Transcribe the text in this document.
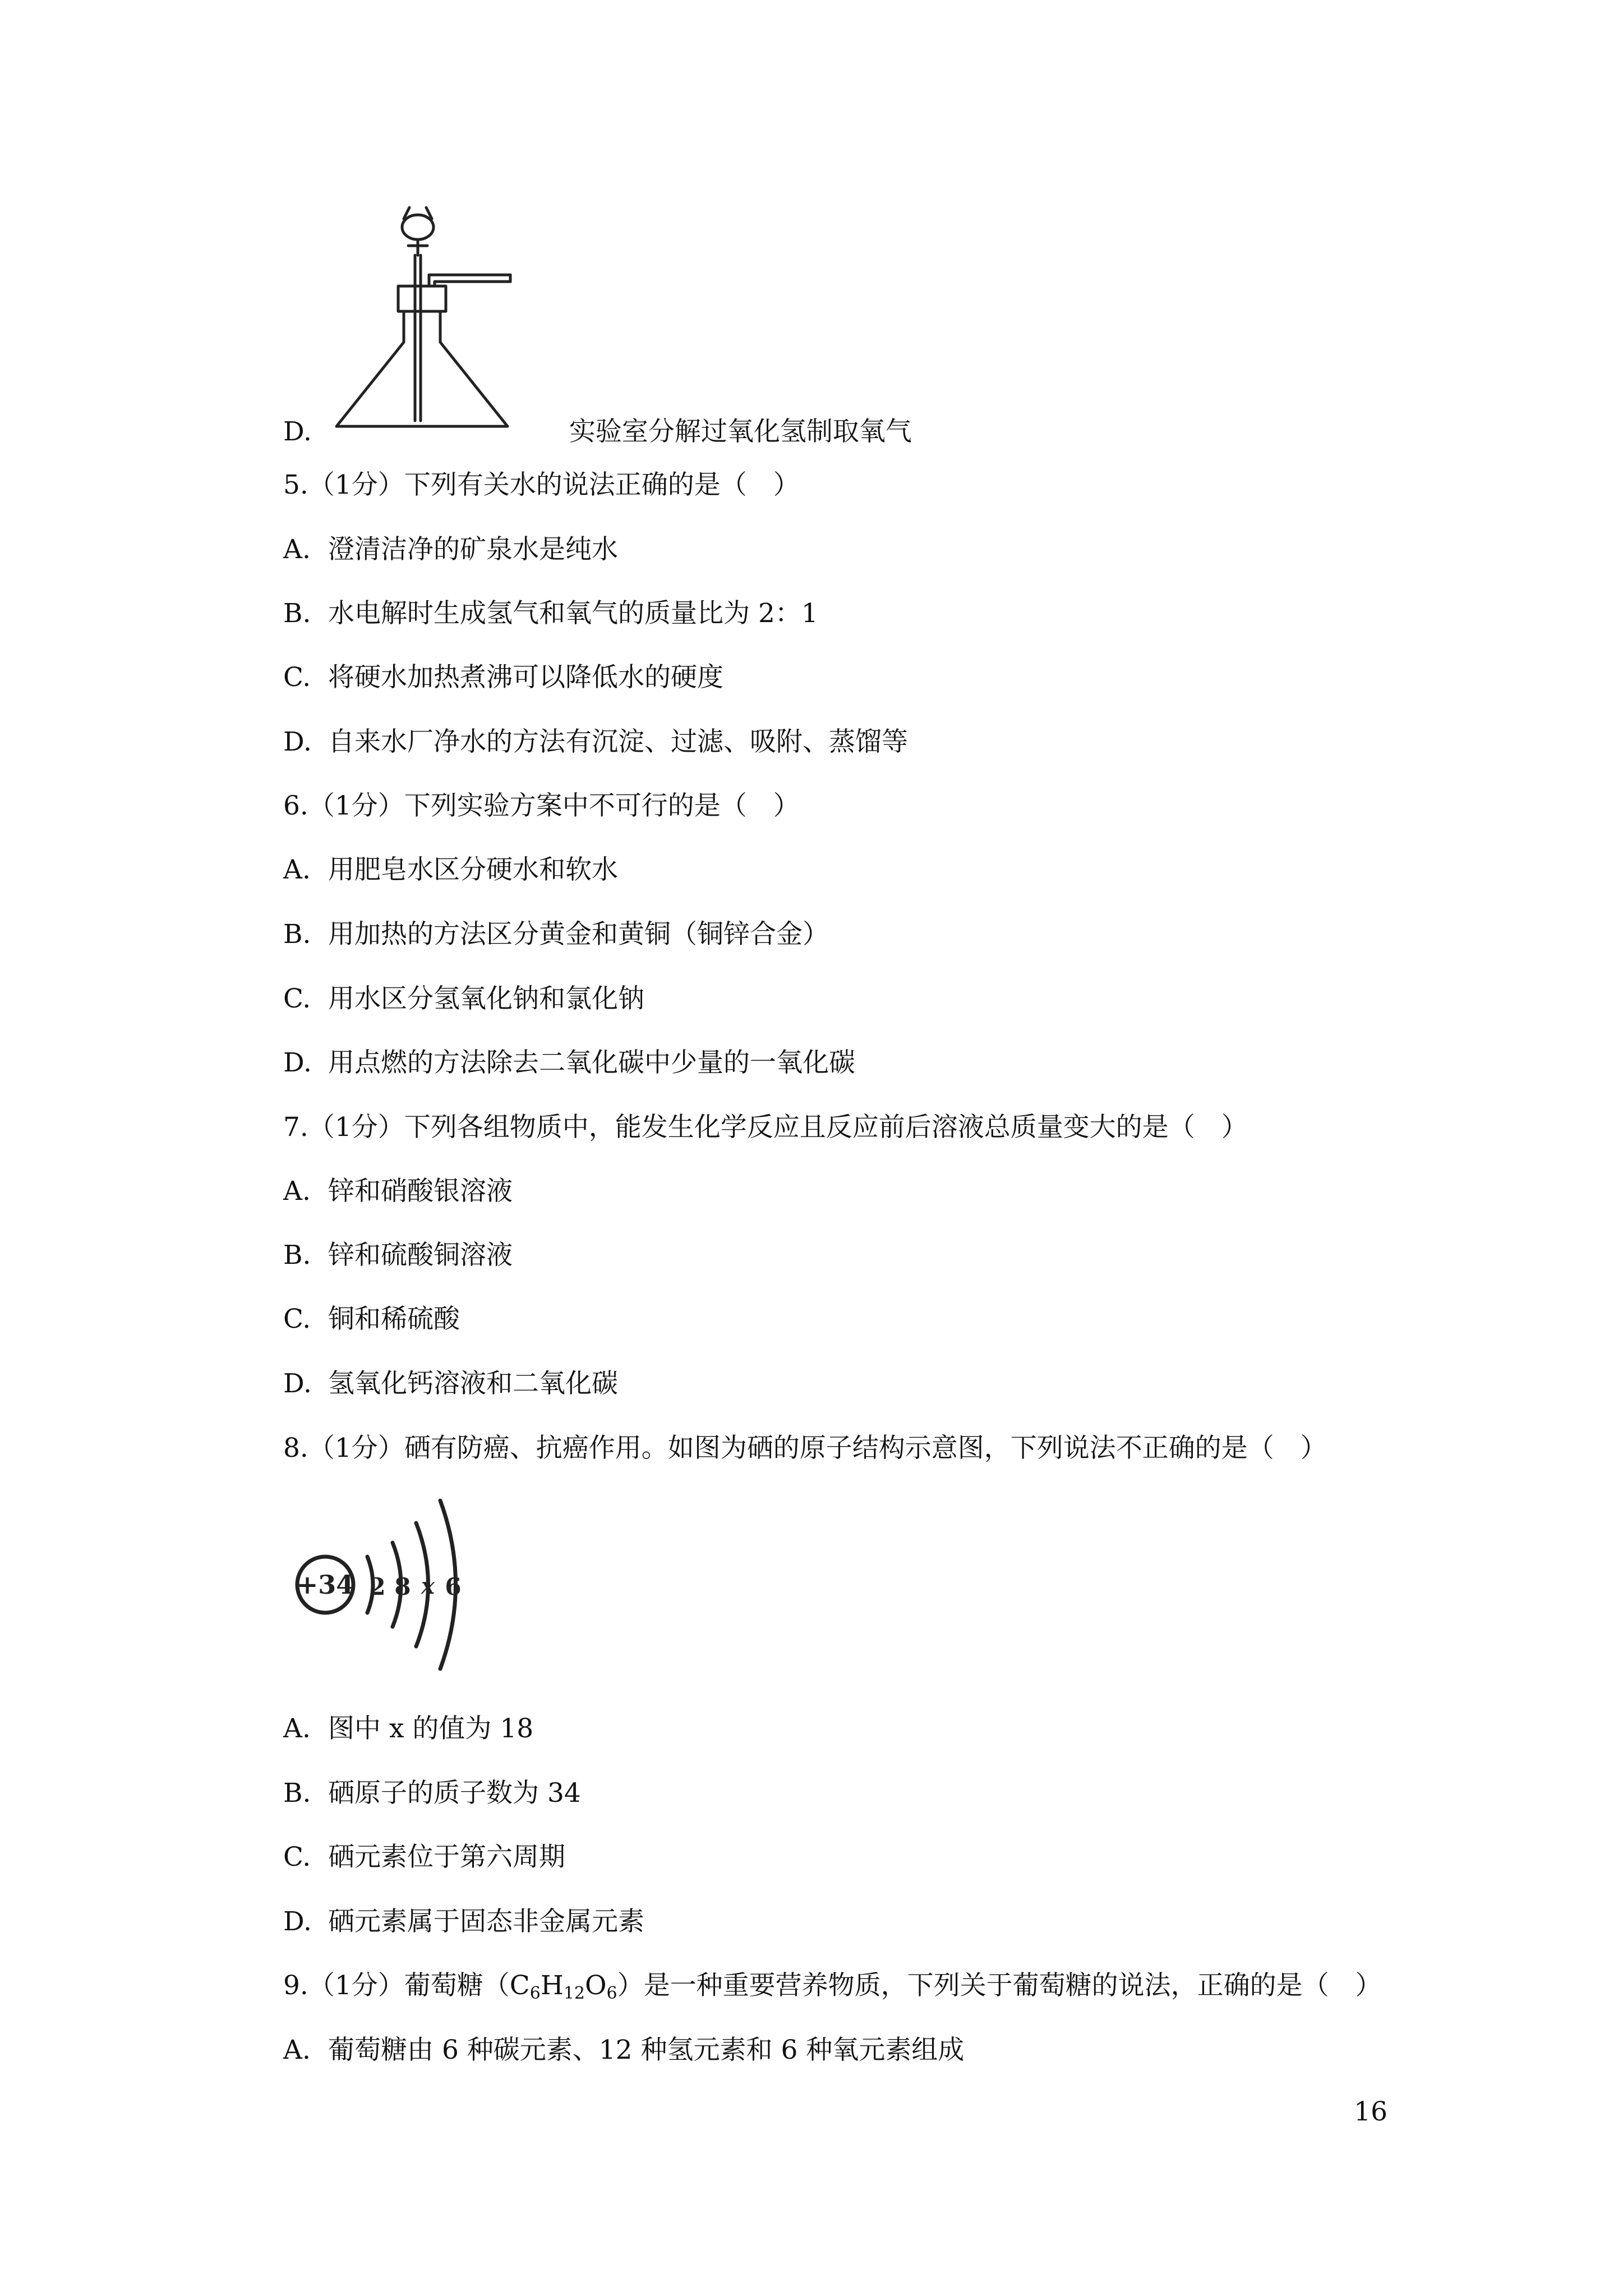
D.	实验室分解过氧化氢制取氧气
5.（1分）下列有关水的说法正确的是（　）
A. 澄清洁净的矿泉水是纯水
B. 水电解时生成氢气和氧气的质量比为 2：1
C. 将硬水加热煮沸可以降低水的硬度
D. 自来水厂净水的方法有沉淀、过滤、吸附、蒸馏等
6.（1分）下列实验方案中不可行的是（　）
A. 用肥皂水区分硬水和软水
B. 用加热的方法区分黄金和黄铜（铜锌合金）
C. 用水区分氢氧化钠和氯化钠
D. 用点燃的方法除去二氧化碳中少量的一氧化碳
7.（1分）下列各组物质中，能发生化学反应且反应前后溶液总质量变大的是（　）
A. 锌和硝酸银溶液
B. 锌和硫酸铜溶液
C. 铜和稀硫酸
D. 氢氧化钙溶液和二氧化碳
8.（1分）硒有防癌、抗癌作用。如图为硒的原子结构示意图，下列说法不正确的是（　）
+34 2 8 x 6
A. 图中 x 的值为 18
B. 硒原子的质子数为 34
C. 硒元素位于第六周期
D. 硒元素属于固态非金属元素
9.（1分）葡萄糖$(C_6H_{12}O_6)$是一种重要营养物质，下列关于葡萄糖的说法，正确的是（　）
A. 葡萄糖由 6 种碳元素、12 种氢元素和 6 种氧元素组成
16
